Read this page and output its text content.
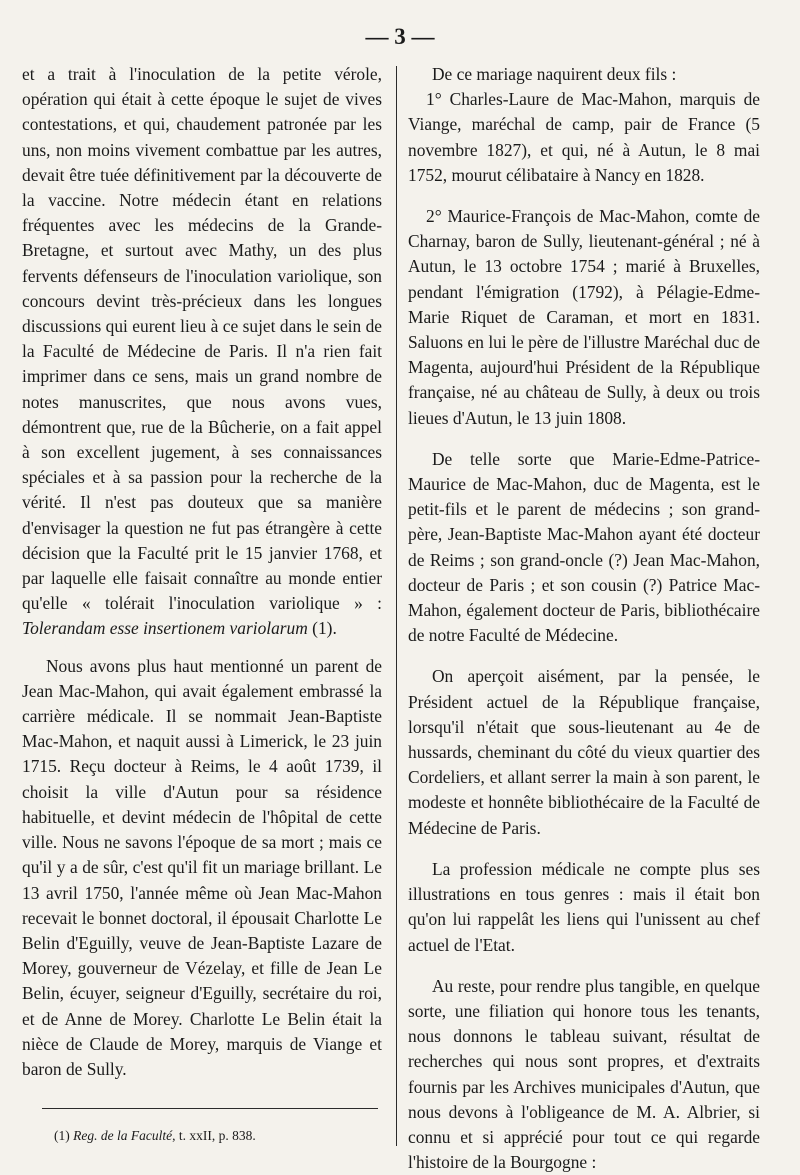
— 3 —

et a trait à l'inoculation de la petite vérole, opération qui était à cette époque le sujet de vives contestations, et qui, chaudement patronée par les uns, non moins vivement combattue par les autres, devait être tuée définitivement par la découverte de la vaccine. Notre médecin étant en relations fréquentes avec les médecins de la Grande-Bretagne, et surtout avec Mathy, un des plus fervents défenseurs de l'inoculation variolique, son concours devint très-précieux dans les longues discussions qui eurent lieu à ce sujet dans le sein de la Faculté de Médecine de Paris. Il n'a rien fait imprimer dans ce sens, mais un grand nombre de notes manuscrites, que nous avons vues, démontrent que, rue de la Bûcherie, on a fait appel à son excellent jugement, à ses connaissances spéciales et à sa passion pour la recherche de la vérité. Il n'est pas douteux que sa manière d'envisager la question ne fut pas étrangère à cette décision que la Faculté prit le 15 janvier 1768, et par laquelle elle faisait connaître au monde entier qu'elle « tolérait l'inoculation variolique » : Tolerandam esse insertionem variolarum (1).

Nous avons plus haut mentionné un parent de Jean Mac-Mahon, qui avait également embrassé la carrière médicale. Il se nommait Jean-Baptiste Mac-Mahon, et naquit aussi à Limerick, le 23 juin 1715. Reçu docteur à Reims, le 4 août 1739, il choisit la ville d'Autun pour sa résidence habituelle, et devint médecin de l'hôpital de cette ville. Nous ne savons l'époque de sa mort ; mais ce qu'il y a de sûr, c'est qu'il fit un mariage brillant. Le 13 avril 1750, l'année même où Jean Mac-Mahon recevait le bonnet doctoral, il épousait Charlotte Le Belin d'Eguilly, veuve de Jean-Baptiste Lazare de Morey, gouverneur de Vézelay, et fille de Jean Le Belin, écuyer, seigneur d'Eguilly, secrétaire du roi, et de Anne de Morey. Charlotte Le Belin était la nièce de Claude de Morey, marquis de Viange et baron de Sully.

De ce mariage naquirent deux fils :

1° Charles-Laure de Mac-Mahon, marquis de Viange, maréchal de camp, pair de France (5 novembre 1827), et qui, né à Autun, le 8 mai 1752, mourut célibataire à Nancy en 1828.

2° Maurice-François de Mac-Mahon, comte de Charnay, baron de Sully, lieutenant-général ; né à Autun, le 13 octobre 1754 ; marié à Bruxelles, pendant l'émigration (1792), à Pélagie-Edme-Marie Riquet de Caraman, et mort en 1831. Saluons en lui le père de l'illustre Maréchal duc de Magenta, aujourd'hui Président de la République française, né au château de Sully, à deux ou trois lieues d'Autun, le 13 juin 1808.

De telle sorte que Marie-Edme-Patrice-Maurice de Mac-Mahon, duc de Magenta, est le petit-fils et le parent de médecins ; son grand-père, Jean-Baptiste Mac-Mahon ayant été docteur de Reims ; son grand-oncle (?) Jean Mac-Mahon, docteur de Paris ; et son cousin (?) Patrice Mac-Mahon, également docteur de Paris, bibliothécaire de notre Faculté de Médecine.

On aperçoit aisément, par la pensée, le Président actuel de la République française, lorsqu'il n'était que sous-lieutenant au 4e de hussards, cheminant du côté du vieux quartier des Cordeliers, et allant serrer la main à son parent, le modeste et honnête bibliothécaire de la Faculté de Médecine de Paris.

La profession médicale ne compte plus ses illustrations en tous genres : mais il était bon qu'on lui rappelât les liens qui l'unissent au chef actuel de l'Etat.

Au reste, pour rendre plus tangible, en quelque sorte, une filiation qui honore tous les tenants, nous donnons le tableau suivant, résultat de recherches qui nous sont propres, et d'extraits fournis par les Archives municipales d'Autun, que nous devons à l'obligeance de M. A. Albrier, si connu et si apprécié pour tout ce qui regarde l'histoire de la Bourgogne :

(1) Reg. de la Faculté, t. xxII, p. 838.
